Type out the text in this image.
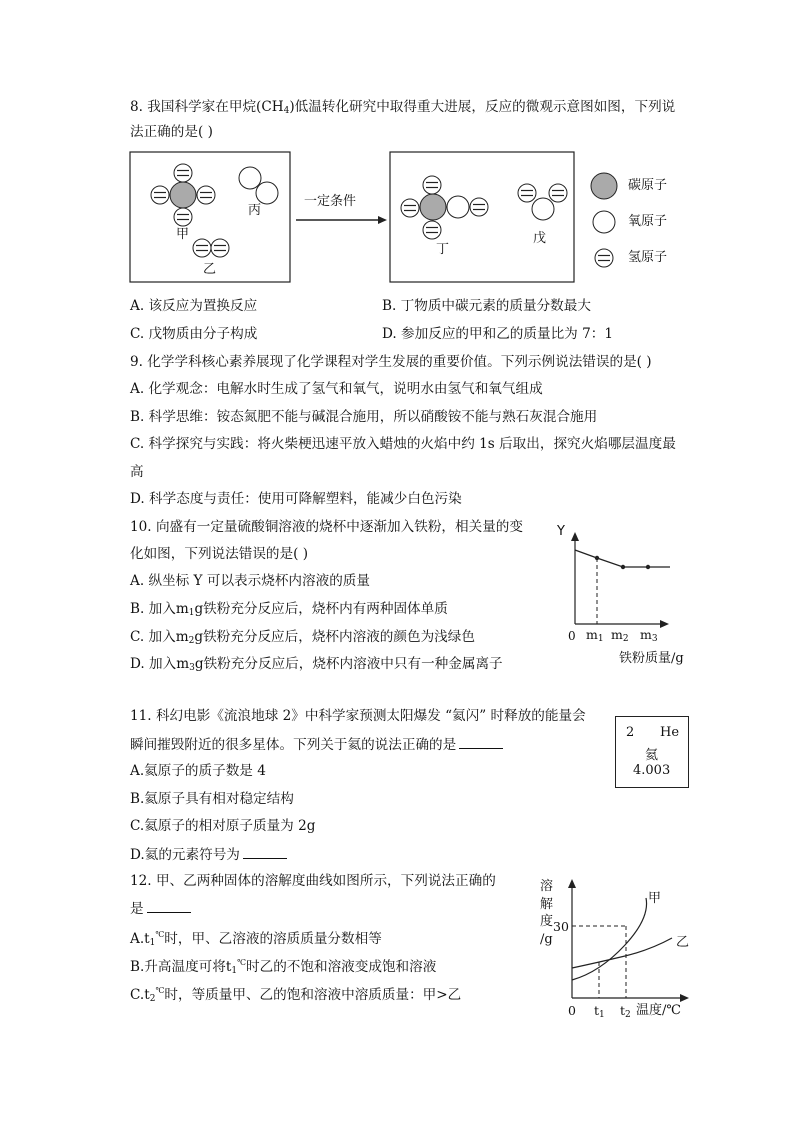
8. 我国科学家在甲烷$(CH_4)$低温转化研究中取得重大进展，反应的微观示意图如图，下列说
法正确的是( )
甲
乙
丙
一定条件
丁
戊
碳原子
氧原子
氢原子
A. 该反应为置换反应	B. 丁物质中碳元素的质量分数最大
C. 戊物质由分子构成	D. 参加反应的甲和乙的质量比为 7：1
9. 化学学科核心素养展现了化学课程对学生发展的重要价值。下列示例说法错误的是( )
A. 化学观念：电解水时生成了氢气和氧气，说明水由氢气和氧气组成
B. 科学思维：铵态氮肥不能与碱混合施用，所以硝酸铵不能与熟石灰混合施用
C. 科学探究与实践：将火柴梗迅速平放入蜡烛的火焰中约 1s 后取出，探究火焰哪层温度最
高
D. 科学态度与责任：使用可降解塑料，能减少白色污染
10. 向盛有一定量硫酸铜溶液的烧杯中逐渐加入铁粉，相关量的变
化如图，下列说法错误的是( )
A. 纵坐标 Y 可以表示烧杯内溶液的质量
B. 加入$m_1g$铁粉充分反应后，烧杯内有两种固体单质
C. 加入$m_2g$铁粉充分反应后，烧杯内溶液的颜色为浅绿色
D. 加入$m_3g$铁粉充分反应后，烧杯内溶液中只有一种金属离子
Y
0 $m_1$ $m_2$ $m_3$
铁粉质量/g
11. 科幻电影《流浪地球 2》中科学家预测太阳爆发 “氦闪” 时释放的能量会
瞬间摧毁附近的很多星体。下列关于氦的说法正确的是
A.氦原子的质子数是 4
B.氦原子具有相对稳定结构
C.氦原子的相对原子质量为 2g
D.氦的元素符号为
2 He
氦
4.003
12. 甲、乙两种固体的溶解度曲线如图所示，下列说法正确的
是
$A.t_1^℃$时，甲、乙溶液的溶质质量分数相等
B.升高温度可将$t_1^℃$时乙的不饱和溶液变成饱和溶液
$C.t_2^℃$时，等质量甲、乙的饱和溶液中溶质质量：甲>乙
溶
解
度
/g
30
0 $t_1$ $t_2$ 温度/℃
甲
乙
